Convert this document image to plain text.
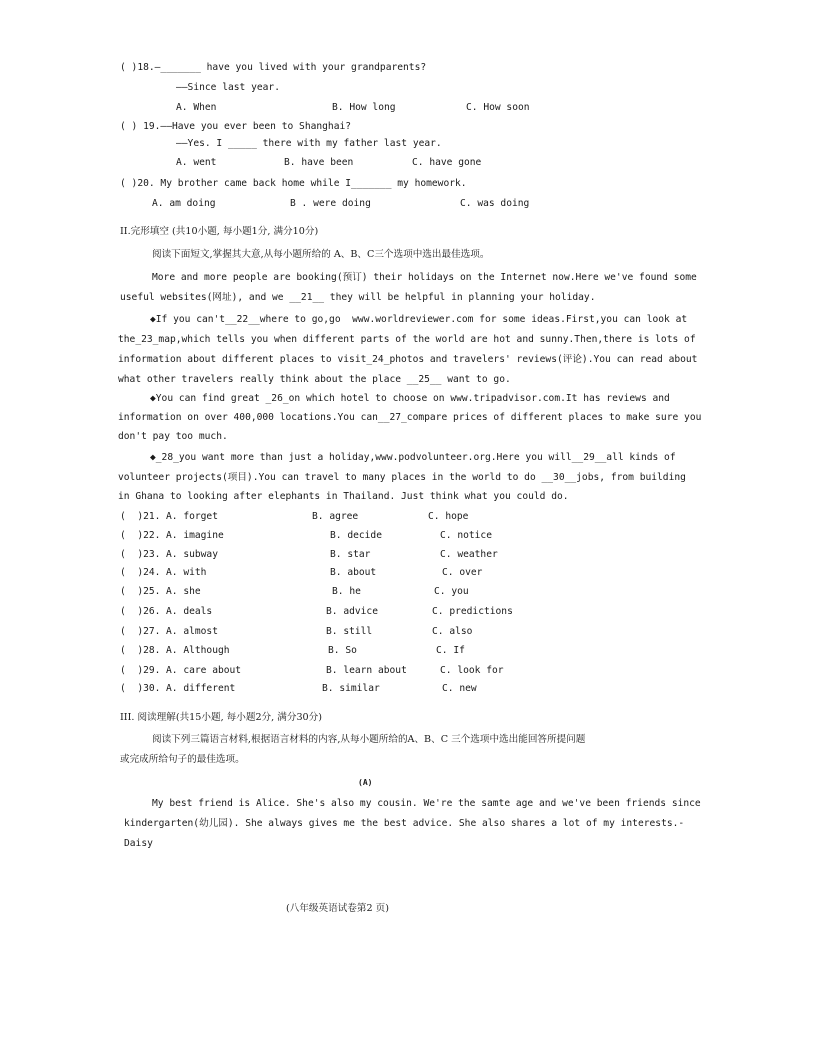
( )18.—_______ have you lived with your grandparents?
——Since last year.
A. When	B. How long	C. How soon
( ) 19.——Have you ever been to Shanghai?
——Yes. I _____ there with my father last year.
A. went	B. have been	C. have gone
( )20. My brother came back home while I_______ my homework.
A. am doing	B . were doing	C. was doing
II.完形填空 (共10小题, 每小题1分, 满分10分)
阅读下面短文,掌握其大意,从每小题所给的 A、B、C三个选项中选出最佳选项。
More and more people are booking(预订) their holidays on the Internet now.Here we've found some
useful websites(网址), and we __21__ they will be helpful in planning your holiday.
◆If you can't__22__where to go,go  www.worldreviewer.com for some ideas.First,you can look at
the_23_map,which tells you when different parts of the world are hot and sunny.Then,there is lots of
information about different places to visit_24_photos and travelers' reviews(评论).You can read about
what other travelers really think about the place __25__ want to go.
◆You can find great _26_on which hotel to choose on www.tripadvisor.com.It has reviews and
information on over 400,000 locations.You can__27_compare prices of different places to make sure you
don't pay too much.
◆_28_you want more than just a holiday,www.podvolunteer.org.Here you will__29__all kinds of
volunteer projects(项目).You can travel to many places in the world to do __30__jobs, from building
in Ghana to looking after elephants in Thailand. Just think what you could do.
(  )21. A. forget	B. agree	C. hope
(  )22. A. imagine	B. decide	C. notice
(  )23. A. subway	B. star	C. weather
(  )24. A. with	B. about	C. over
(  )25. A. she	B. he	C. you
(  )26. A. deals	B. advice	C. predictions
(  )27. A. almost	B. still	C. also
(  )28. A. Although	B. So	C. If
(  )29. A. care about	B. learn about	C. look for
(  )30. A. different	B. similar	C. new
III. 阅读理解(共15小题, 每小题2分, 满分30分)
阅读下列三篇语言材料,根据语言材料的内容,从每小题所给的A、B、C 三个选项中选出能回答所提问题
或完成所给句子的最佳选项。
(A)
My best friend is Alice. She's also my cousin. We're the samte age and we've been friends since
kindergarten(幼儿园). She always gives me the best advice. She also shares a lot of my interests.-
Daisy
(八年级英语试卷第2 页)
